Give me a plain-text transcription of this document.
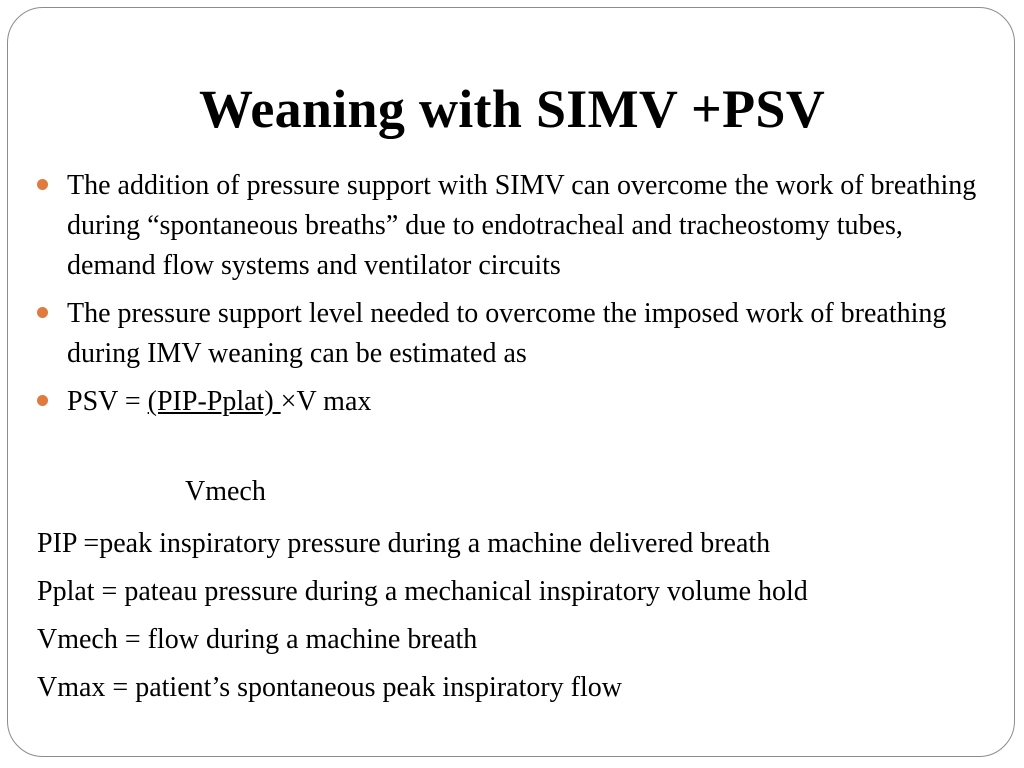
Weaning with SIMV +PSV
The addition of pressure support with SIMV can overcome the work of breathing during “spontaneous breaths” due to endotracheal and tracheostomy tubes, demand flow systems and ventilator circuits
The pressure support level needed to overcome the imposed work of breathing during IMV weaning can be estimated as
PSV = (PIP-Pplat) ×V max

Vmech

PIP =peak inspiratory pressure during a machine delivered breath
Pplat = pateau pressure during a mechanical inspiratory volume hold
Vmech = flow during a machine breath
Vmax = patient’s spontaneous peak inspiratory flow
